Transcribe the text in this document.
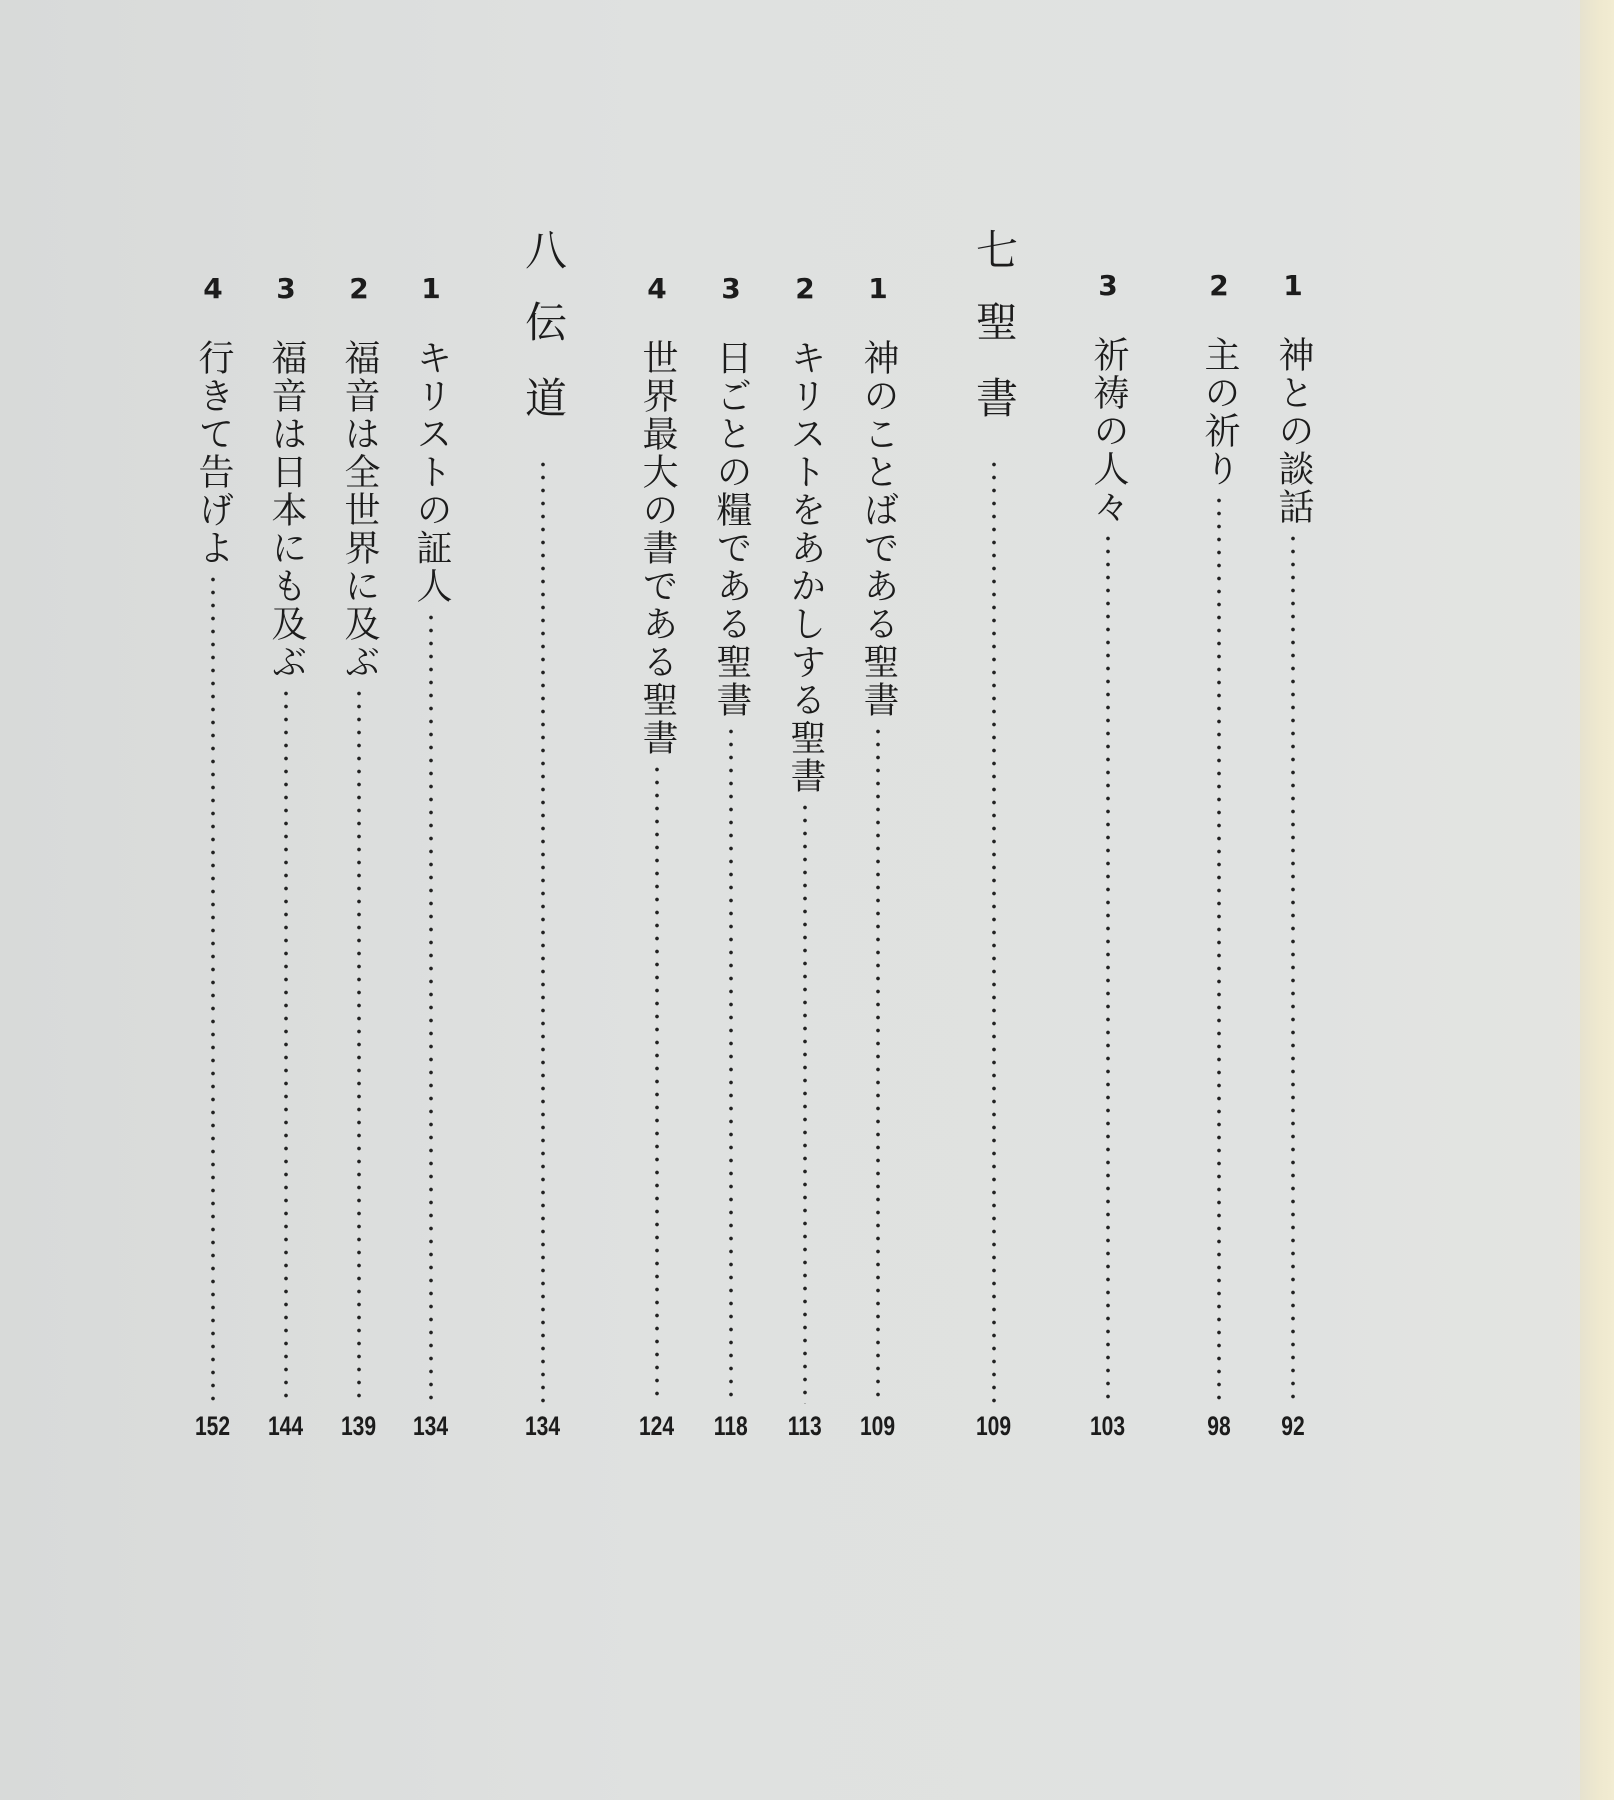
1
神との談話
92
2
主の祈り
98
3
祈祷の人々
103
七
聖書
109
1
神のことばである聖書
109
2
キリストをあかしする聖書
113
3
日ごとの糧である聖書
118
4
世界最大の書である聖書
124
八
伝道
134
1
キリストの証人
134
2
福音は全世界に及ぶ
139
3
福音は日本にも及ぶ
144
4
行きて告げよ
152
